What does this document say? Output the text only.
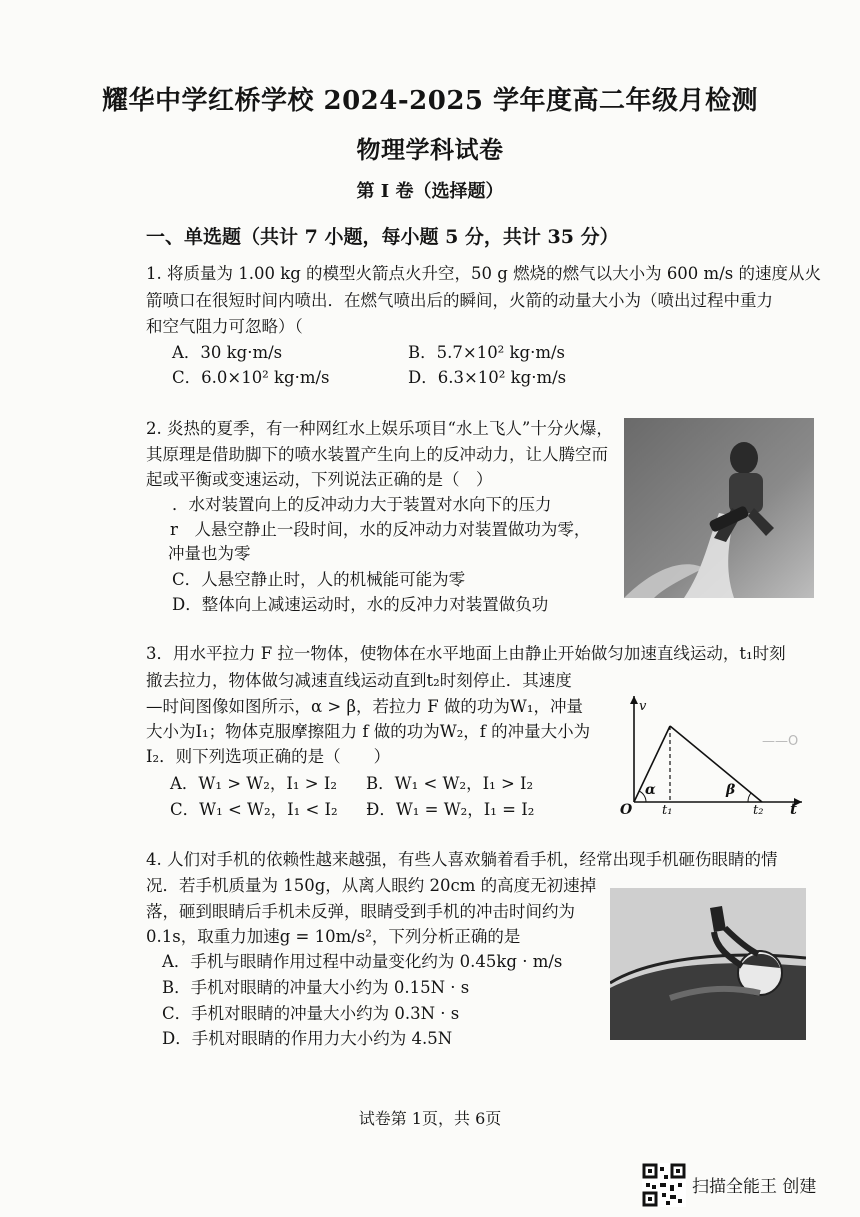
耀华中学红桥学校 2024-2025 学年度高二年级月检测
物理学科试卷
第 I 卷（选择题）
一、单选题（共计 7 小题，每小题 5 分，共计 35 分）
1. 将质量为 1.00 kg 的模型火箭点火升空，50 g 燃烧的燃气以大小为 600 m/s 的速度从火
箭喷口在很短时间内喷出．在燃气喷出后的瞬间，火箭的动量大小为（喷出过程中重力
和空气阻力可忽略）（
A．30 kg·m/s	B．5.7×10² kg·m/s
C．6.0×10² kg·m/s	D．6.3×10² kg·m/s
2. 炎热的夏季，有一种网红水上娱乐项目“水上飞人”十分火爆，
其原理是借助脚下的喷水装置产生向上的反冲动力，让人腾空而
起或平衡或变速运动，下列说法正确的是（　）
．水对装置向上的反冲动力大于装置对水向下的压力
r　人悬空静止一段时间，水的反冲动力对装置做功为零，
冲量也为零
C．人悬空静止时，人的机械能可能为零
D．整体向上减速运动时，水的反冲力对装置做负功
3．用水平拉力 F 拉一物体，使物体在水平地面上由静止开始做匀加速直线运动，t₁时刻
撤去拉力，物体做匀减速直线运动直到t₂时刻停止．其速度
—时间图像如图所示，α > β，若拉力 F 做的功为W₁，冲量
大小为I₁；物体克服摩擦阻力 f 做的功为W₂，f 的冲量大小为
I₂．则下列选项正确的是（　　）
A．W₁ > W₂，I₁ > I₂ B．W₁ < W₂，I₁ > I₂
C．W₁ < W₂，I₁ < I₂ Ð．W₁ = W₂，I₁ = I₂
——O
v
O t₁	t₂ t
α	β
4. 人们对手机的依赖性越来越强，有些人喜欢躺着看手机，经常出现手机砸伤眼睛的情
况．若手机质量为 150g，从离人眼约 20cm 的高度无初速掉
落，砸到眼睛后手机未反弹，眼睛受到手机的冲击时间约为
0.1s，取重力加速g = 10m/s²，下列分析正确的是
A．手机与眼睛作用过程中动量变化约为 0.45kg · m/s
B．手机对眼睛的冲量大小约为 0.15N · s
C．手机对眼睛的冲量大小约为 0.3N · s
D．手机对眼睛的作用力大小约为 4.5N
试卷第 1页，共 6页
扫描全能王 创建
